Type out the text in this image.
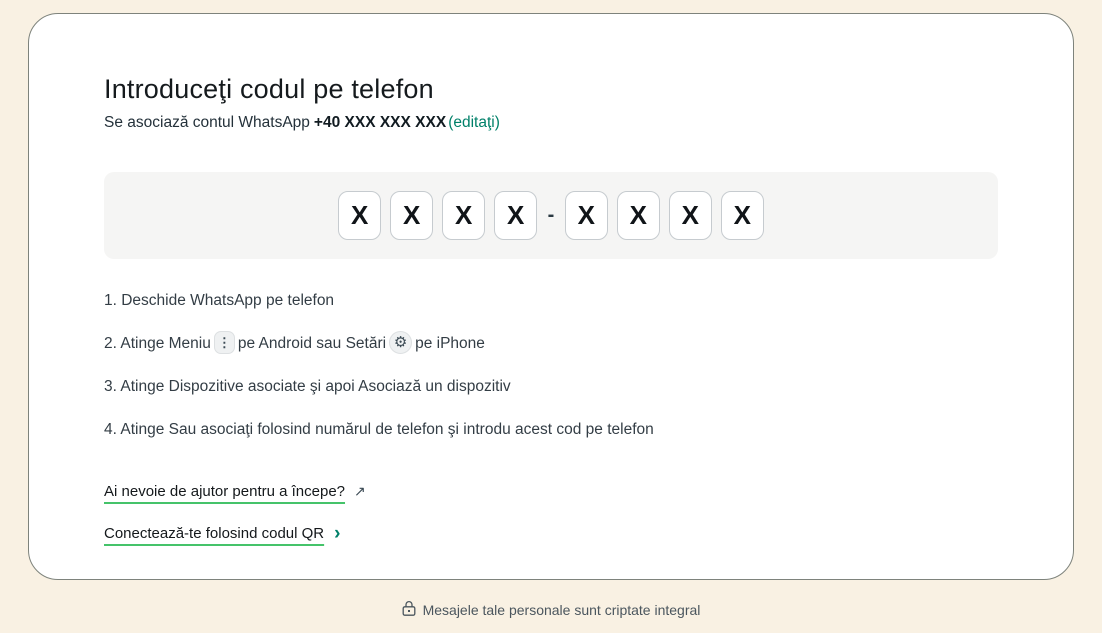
Introduceţi codul pe telefon

Se asociază contul WhatsApp +40 XXX XXX XXX (editaţi)

X	X	X	X	- X	X	X	X
1. Deschide WhatsApp pe telefon
2. Atinge Meniu ⋮ pe Android sau Setări ⚙ pe iPhone
3. Atinge Dispozitive asociate şi apoi Asociază un dispozitiv
4. Atinge Sau asociaţi folosind numărul de telefon şi introdu acest cod pe telefon
Ai nevoie de ajutor pentru a începe? ↗
Conectează-te folosind codul QR ›
Mesajele tale personale sunt criptate integral
